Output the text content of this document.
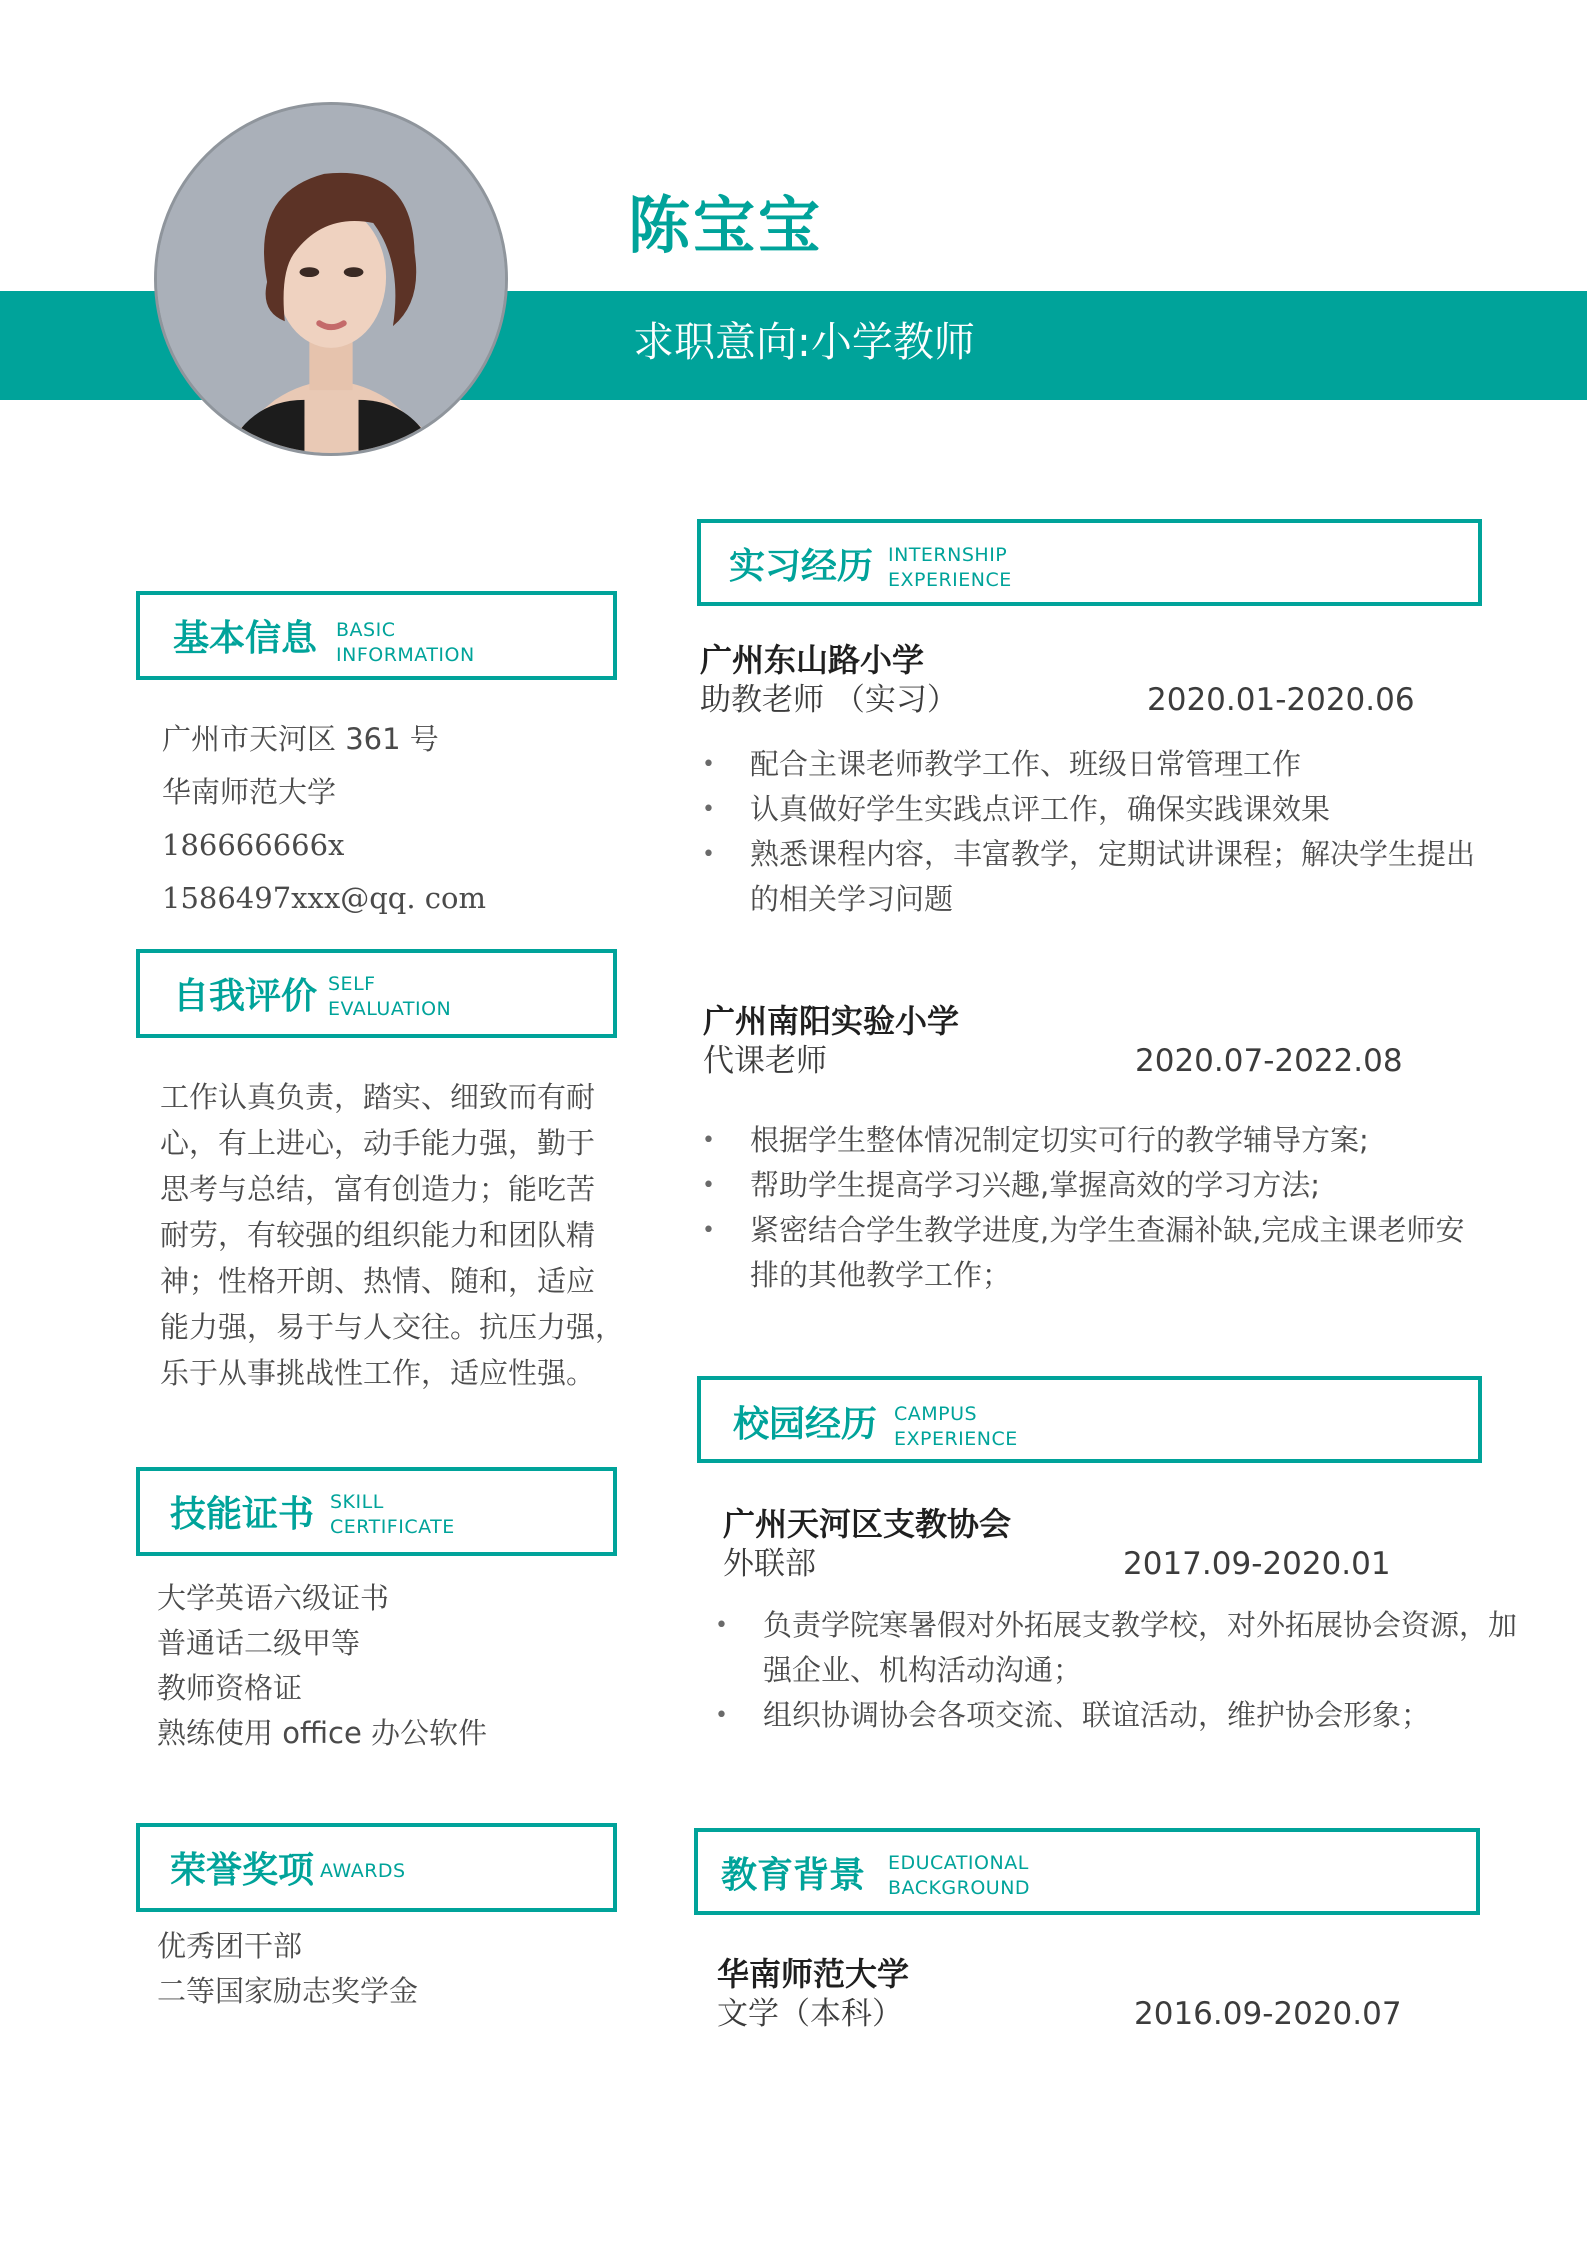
陈宝宝
求职意向:小学教师
基本信息 BASIC
INFORMATION
广州市天河区 361 号
华南师范大学
186666666x
1586497xxx@qq. com
自我评价 SELF
EVALUATION
工作认真负责，踏实、细致而有耐
心，有上进心，动手能力强，勤于
思考与总结，富有创造力；能吃苦
耐劳，有较强的组织能力和团队精
神；性格开朗、热情、随和，适应
能力强，易于与人交往。抗压力强，
乐于从事挑战性工作，适应性强。
技能证书 SKILL
CERTIFICATE
大学英语六级证书
普通话二级甲等
教师资格证
熟练使用 office 办公软件
荣誉奖项 AWARDS
优秀团干部
二等国家励志奖学金
实习经历 INTERNSHIP
EXPERIENCE
广州东山路小学
助教老师 （实习）	2020.01-2020.06
• 配合主课老师教学工作、班级日常管理工作
• 认真做好学生实践点评工作，确保实践课效果
• 熟悉课程内容，丰富教学，定期试讲课程；解决学生提出
的相关学习问题
广州南阳实验小学
代课老师	2020.07-2022.08
• 根据学生整体情况制定切实可行的教学辅导方案;
• 帮助学生提高学习兴趣,掌握高效的学习方法;
• 紧密结合学生教学进度,为学生查漏补缺,完成主课老师安
排的其他教学工作；
校园经历 CAMPUS
EXPERIENCE
广州天河区支教协会
外联部	2017.09-2020.01
• 负责学院寒暑假对外拓展支教学校，对外拓展协会资源，加
强企业、机构活动沟通；
• 组织协调协会各项交流、联谊活动，维护协会形象；
教育背景 EDUCATIONAL
BACKGROUND
华南师范大学
文学（本科）	2016.09-2020.07
